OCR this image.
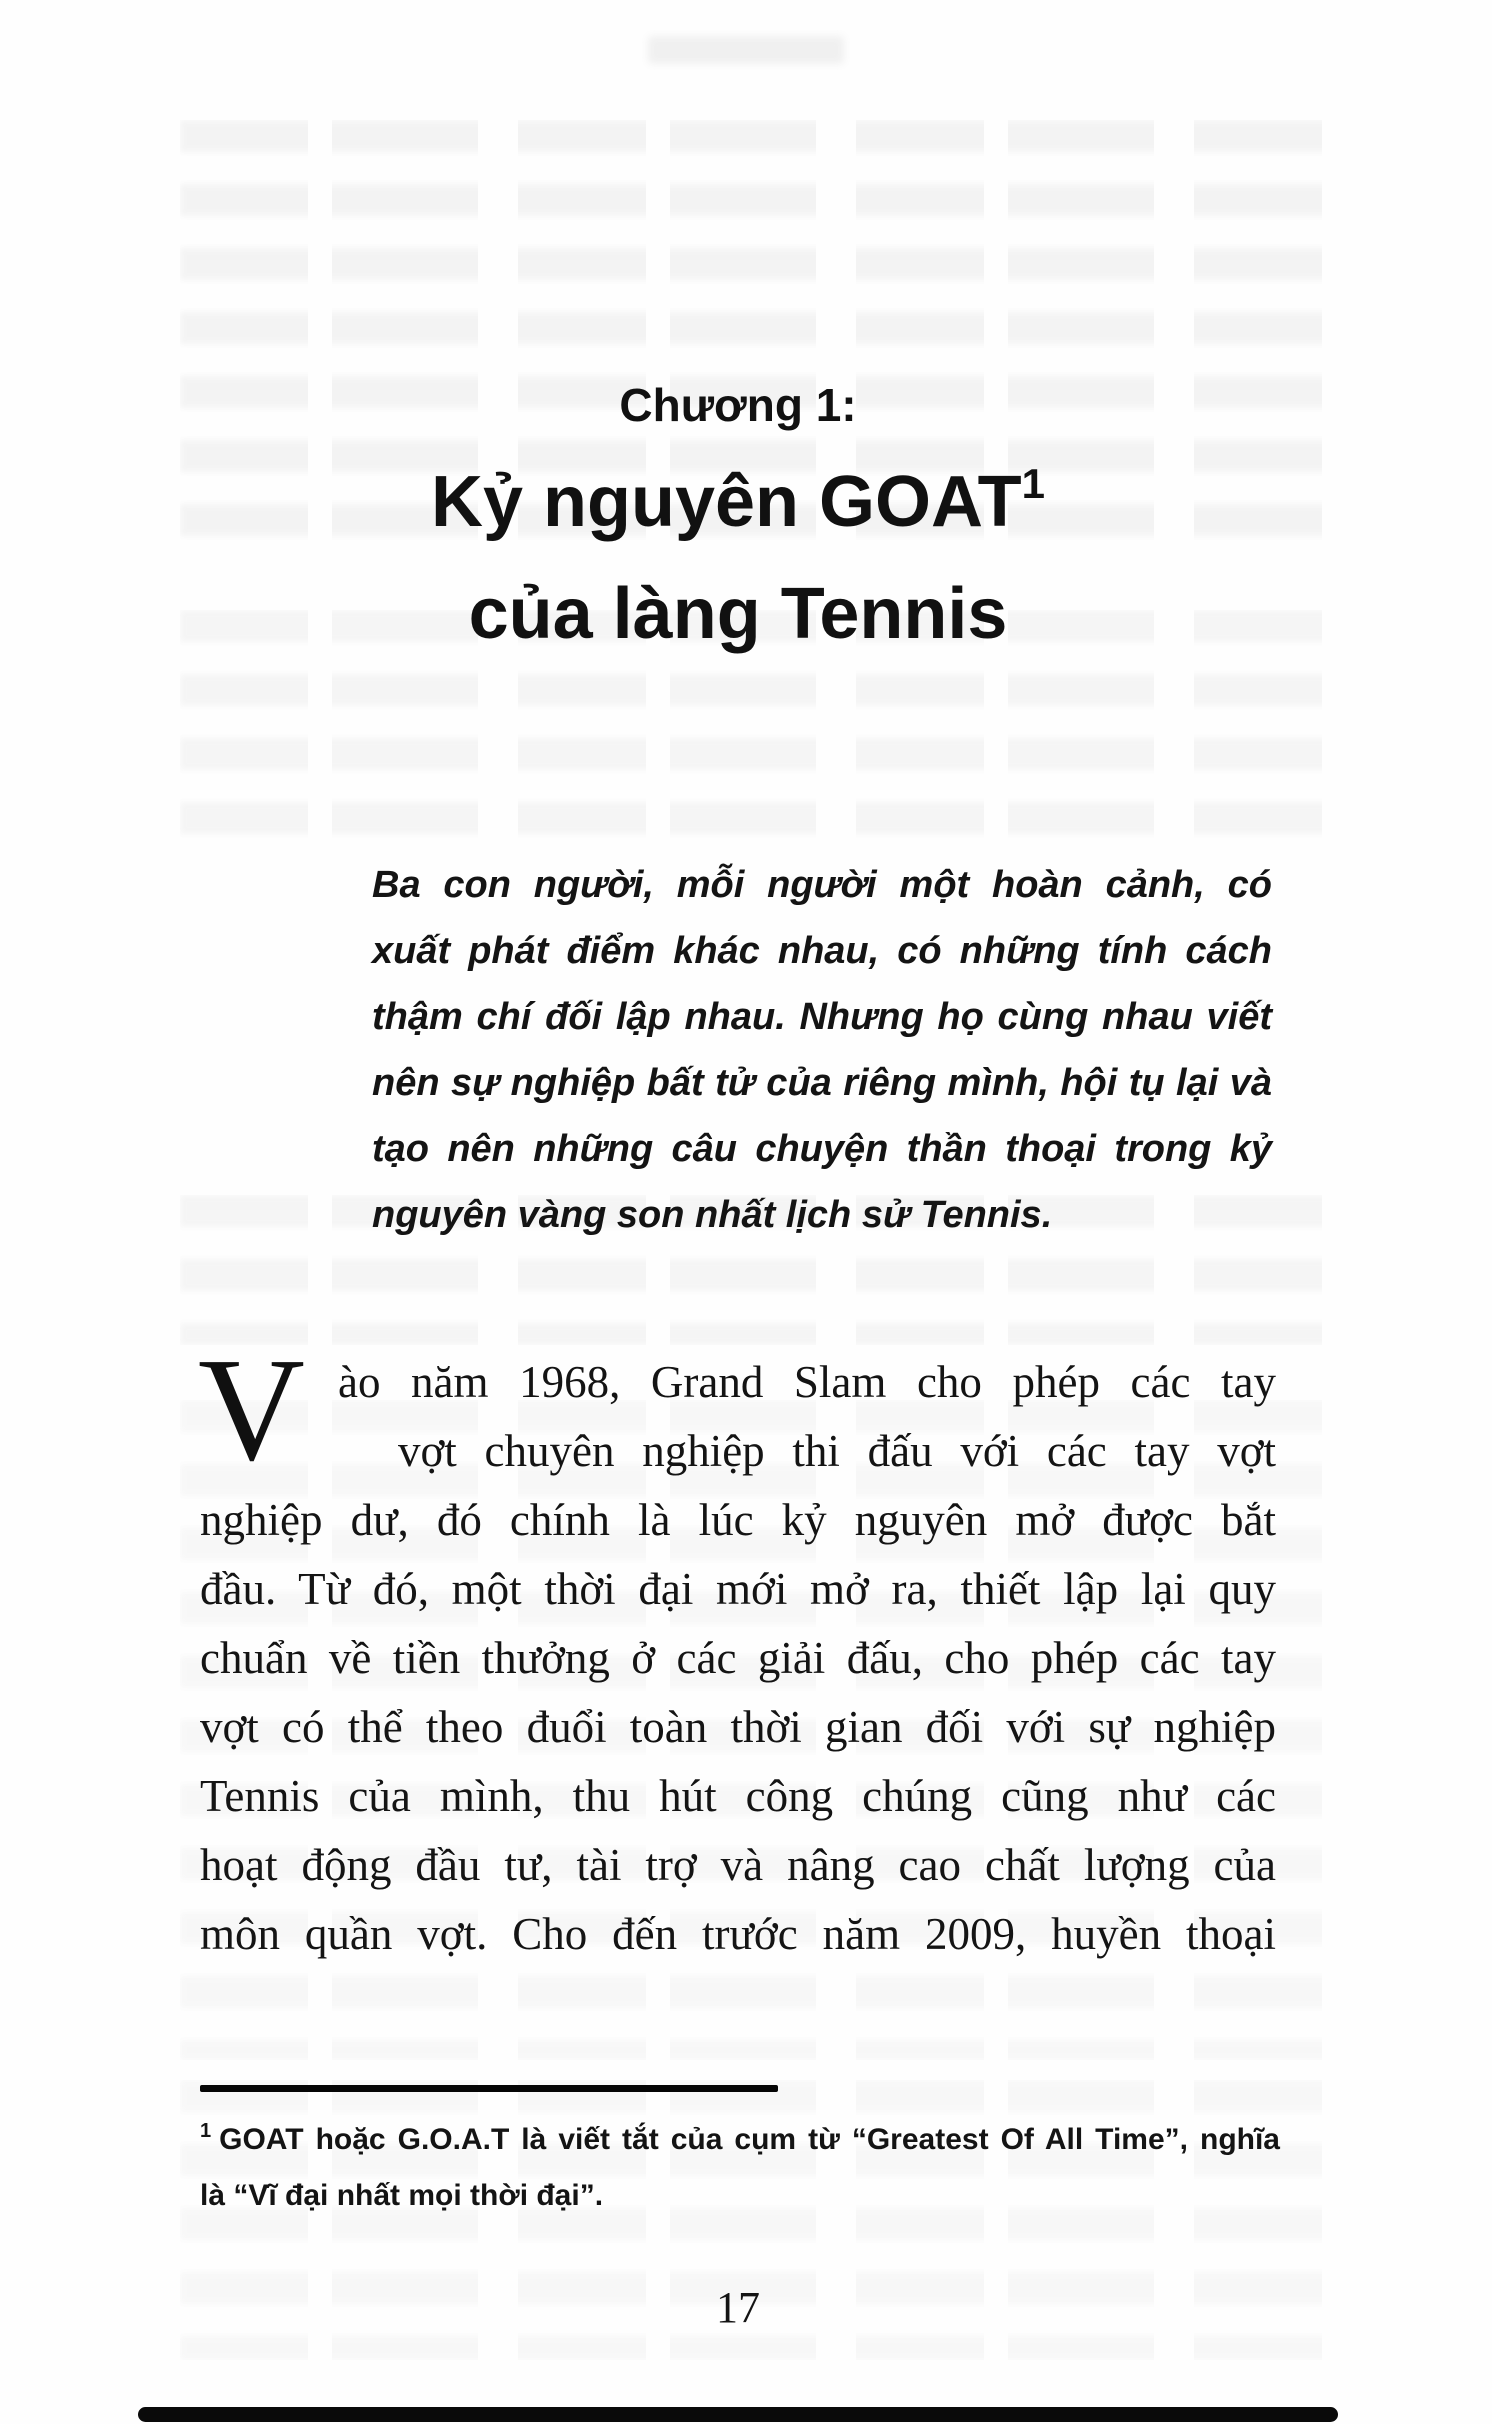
Chương 1:
Kỷ nguyên GOAT$^1$
của làng Tennis
Ba con người, mỗi người một hoàn cảnh, có
xuất phát điểm khác nhau, có những tính cách
thậm chí đối lập nhau. Nhưng họ cùng nhau viết
nên sự nghiệp bất tử của riêng mình, hội tụ lại và
tạo nên những câu chuyện thần thoại trong kỷ
nguyên vàng son nhất lịch sử Tennis.
V ào năm 1968, Grand Slam cho phép các tay
vợt chuyên nghiệp thi đấu với các tay vợt
nghiệp dư, đó chính là lúc kỷ nguyên mở được bắt
đầu. Từ đó, một thời đại mới mở ra, thiết lập lại quy
chuẩn về tiền thưởng ở các giải đấu, cho phép các tay
vợt có thể theo đuổi toàn thời gian đối với sự nghiệp
Tennis của mình, thu hút công chúng cũng như các
hoạt động đầu tư, tài trợ và nâng cao chất lượng của
môn quần vợt. Cho đến trước năm 2009, huyền thoại
$^1$ GOAT hoặc G.O.A.T là viết tắt của cụm từ “Greatest Of All Time”, nghĩa
là “Vĩ đại nhất mọi thời đại”.
17
